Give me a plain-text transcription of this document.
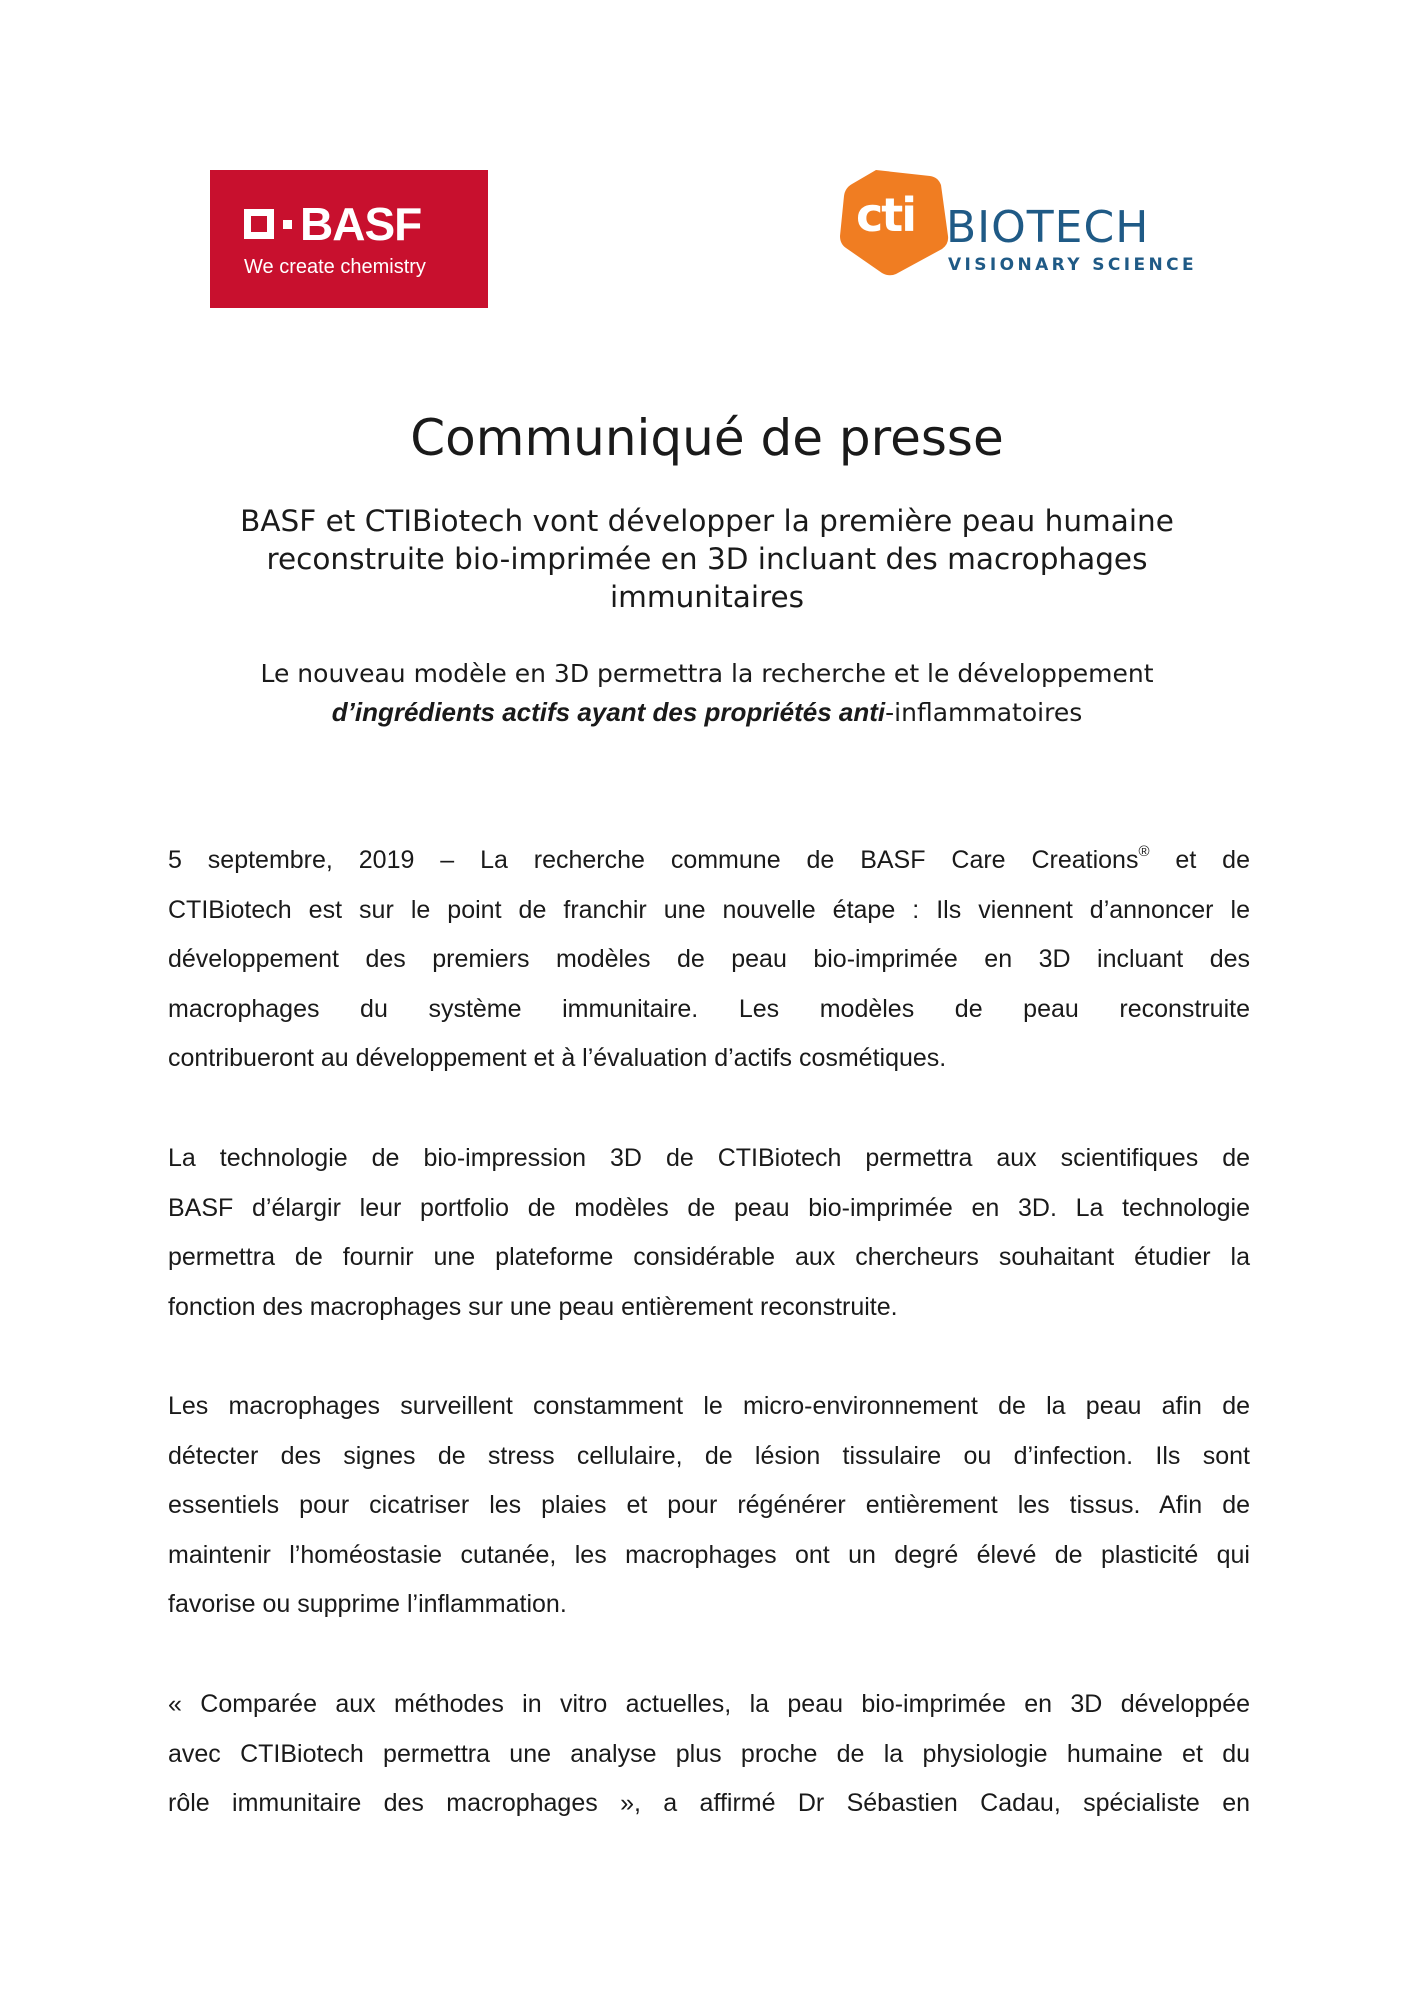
BASF
We create chemistry
cti BIOTECH
VISIONARY SCIENCE
Communiqué de presse
BASF et CTIBiotech vont développer la première peau humaine
reconstruite bio-imprimée en 3D incluant des macrophages
immunitaires
Le nouveau modèle en 3D permettra la recherche et le développement
d’ingrédients actifs ayant des propriétés anti-inflammatoires
5 septembre, 2019 – La recherche commune de BASF Care Creations® et de
CTIBiotech est sur le point de franchir une nouvelle étape : Ils viennent d’annoncer le
développement des premiers modèles de peau bio-imprimée en 3D incluant des
macrophages du système immunitaire. Les modèles de peau reconstruite
contribueront au développement et à l’évaluation d’actifs cosmétiques.
La technologie de bio-impression 3D de CTIBiotech permettra aux scientifiques de
BASF d’élargir leur portfolio de modèles de peau bio-imprimée en 3D. La technologie
permettra de fournir une plateforme considérable aux chercheurs souhaitant étudier la
fonction des macrophages sur une peau entièrement reconstruite.
Les macrophages surveillent constamment le micro-environnement de la peau afin de
détecter des signes de stress cellulaire, de lésion tissulaire ou d’infection. Ils sont
essentiels pour cicatriser les plaies et pour régénérer entièrement les tissus. Afin de
maintenir l’homéostasie cutanée, les macrophages ont un degré élevé de plasticité qui
favorise ou supprime l’inflammation.
« Comparée aux méthodes in vitro actuelles, la peau bio-imprimée en 3D développée
avec CTIBiotech permettra une analyse plus proche de la physiologie humaine et du
rôle immunitaire des macrophages », a affirmé Dr Sébastien Cadau, spécialiste en
